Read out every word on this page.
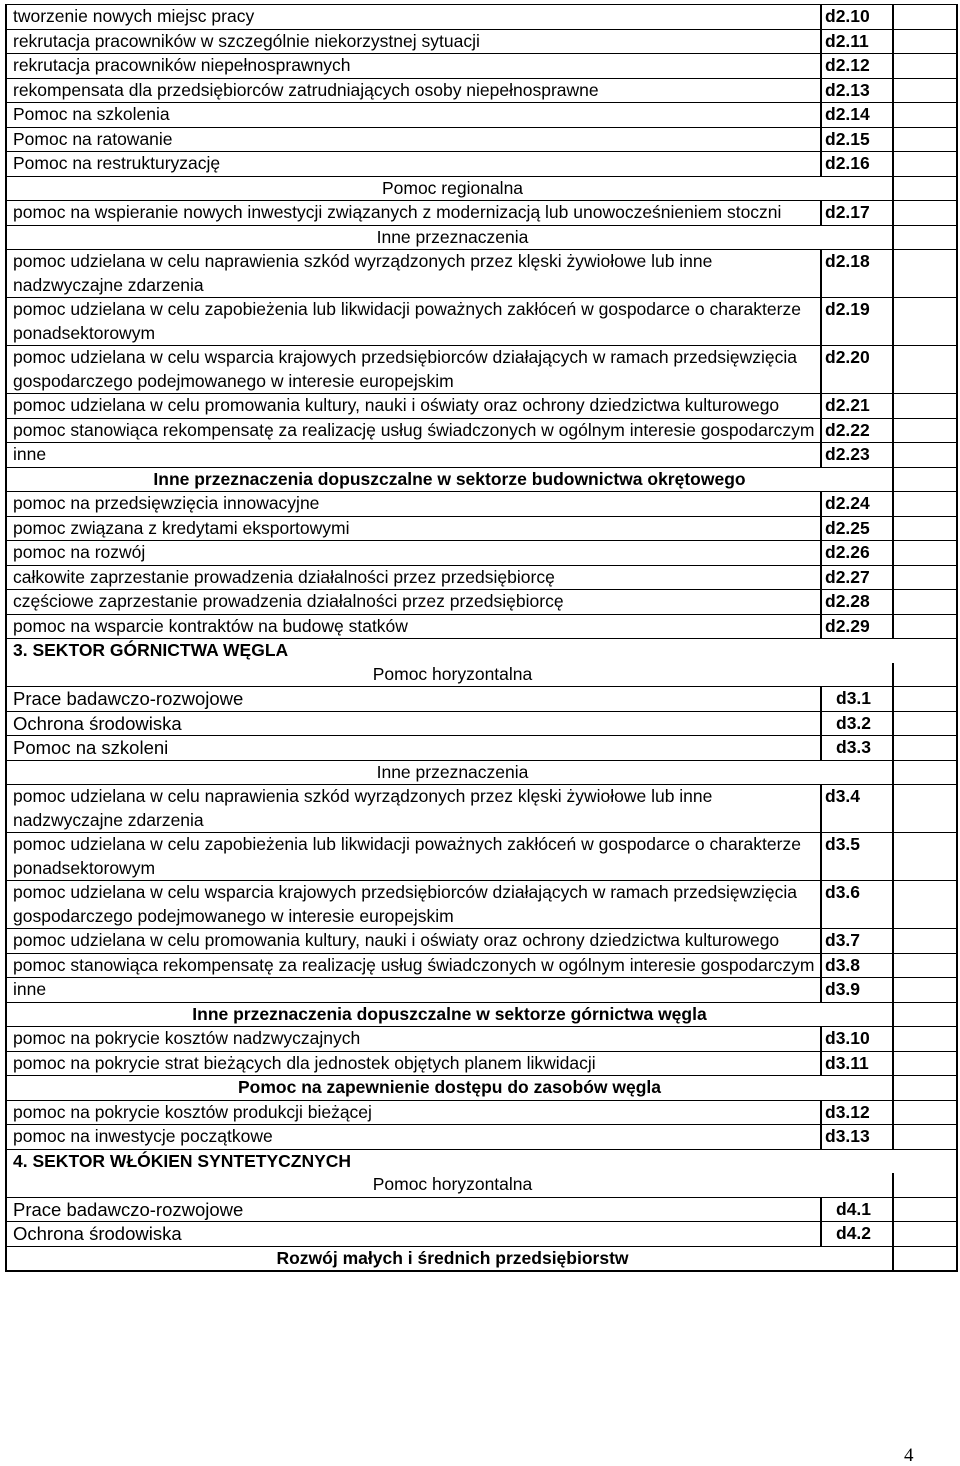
tworzenie nowych miejsc pracy	d2.10	
rekrutacja pracowników w szczególnie niekorzystnej sytuacji	d2.11	
rekrutacja pracowników niepełnosprawnych	d2.12	
rekompensata dla przedsiębiorców zatrudniających osoby niepełnosprawne	d2.13	
Pomoc na szkolenia	d2.14	
Pomoc na ratowanie	d2.15	
Pomoc na restrukturyzację	d2.16	
Pomoc regionalna		
pomoc na wspieranie nowych inwestycji związanych z modernizacją lub unowocześnieniem stoczni	d2.17	
Inne przeznaczenia		
pomoc udzielana w celu naprawienia szkód wyrządzonych przez klęski żywiołowe lub inne nadzwyczajne zdarzenia	d2.18	
pomoc udzielana w celu zapobieżenia lub likwidacji poważnych zakłóceń w gospodarce o charakterze ponadsektorowym	d2.19	
pomoc udzielana w celu wsparcia krajowych przedsiębiorców działających w ramach przedsięwzięcia gospodarczego podejmowanego w interesie europejskim	d2.20	
pomoc udzielana w celu promowania kultury, nauki i oświaty oraz ochrony dziedzictwa kulturowego	d2.21	
pomoc stanowiąca rekompensatę za realizację usług świadczonych w ogólnym interesie gospodarczym	d2.22	
inne	d2.23	
Inne przeznaczenia dopuszczalne w sektorze budownictwa okrętowego		
pomoc na przedsięwzięcia innowacyjne	d2.24	
pomoc związana z kredytami eksportowymi	d2.25	
pomoc na rozwój	d2.26	
całkowite zaprzestanie prowadzenia działalności przez przedsiębiorcę	d2.27	
częściowe zaprzestanie prowadzenia działalności przez przedsiębiorcę	d2.28	
pomoc na wsparcie kontraktów na budowę statków	d2.29	
3. SEKTOR GÓRNICTWA WĘGLA		
Pomoc horyzontalna		
Prace badawczo-rozwojowe	d3.1	
Ochrona środowiska	d3.2	
Pomoc na szkoleni	d3.3	
Inne przeznaczenia		
pomoc udzielana w celu naprawienia szkód wyrządzonych przez klęski żywiołowe lub inne nadzwyczajne zdarzenia	d3.4	
pomoc udzielana w celu zapobieżenia lub likwidacji poważnych zakłóceń w gospodarce o charakterze ponadsektorowym	d3.5	
pomoc udzielana w celu wsparcia krajowych przedsiębiorców działających w ramach przedsięwzięcia gospodarczego podejmowanego w interesie europejskim	d3.6	
pomoc udzielana w celu promowania kultury, nauki i oświaty oraz ochrony dziedzictwa kulturowego	d3.7	
pomoc stanowiąca rekompensatę za realizację usług świadczonych w ogólnym interesie gospodarczym	d3.8	
inne	d3.9	
Inne przeznaczenia dopuszczalne w sektorze górnictwa węgla		
pomoc na pokrycie kosztów nadzwyczajnych	d3.10	
pomoc na pokrycie strat bieżących dla jednostek objętych planem likwidacji	d3.11	
Pomoc na zapewnienie dostępu do zasobów węgla		
pomoc na pokrycie kosztów produkcji bieżącej	d3.12	
pomoc na inwestycje początkowe	d3.13	
4. SEKTOR WŁÓKIEN SYNTETYCZNYCH		
Pomoc horyzontalna		
Prace badawczo-rozwojowe	d4.1	
Ochrona środowiska	d4.2	
Rozwój małych i średnich przedsiębiorstw		
4
